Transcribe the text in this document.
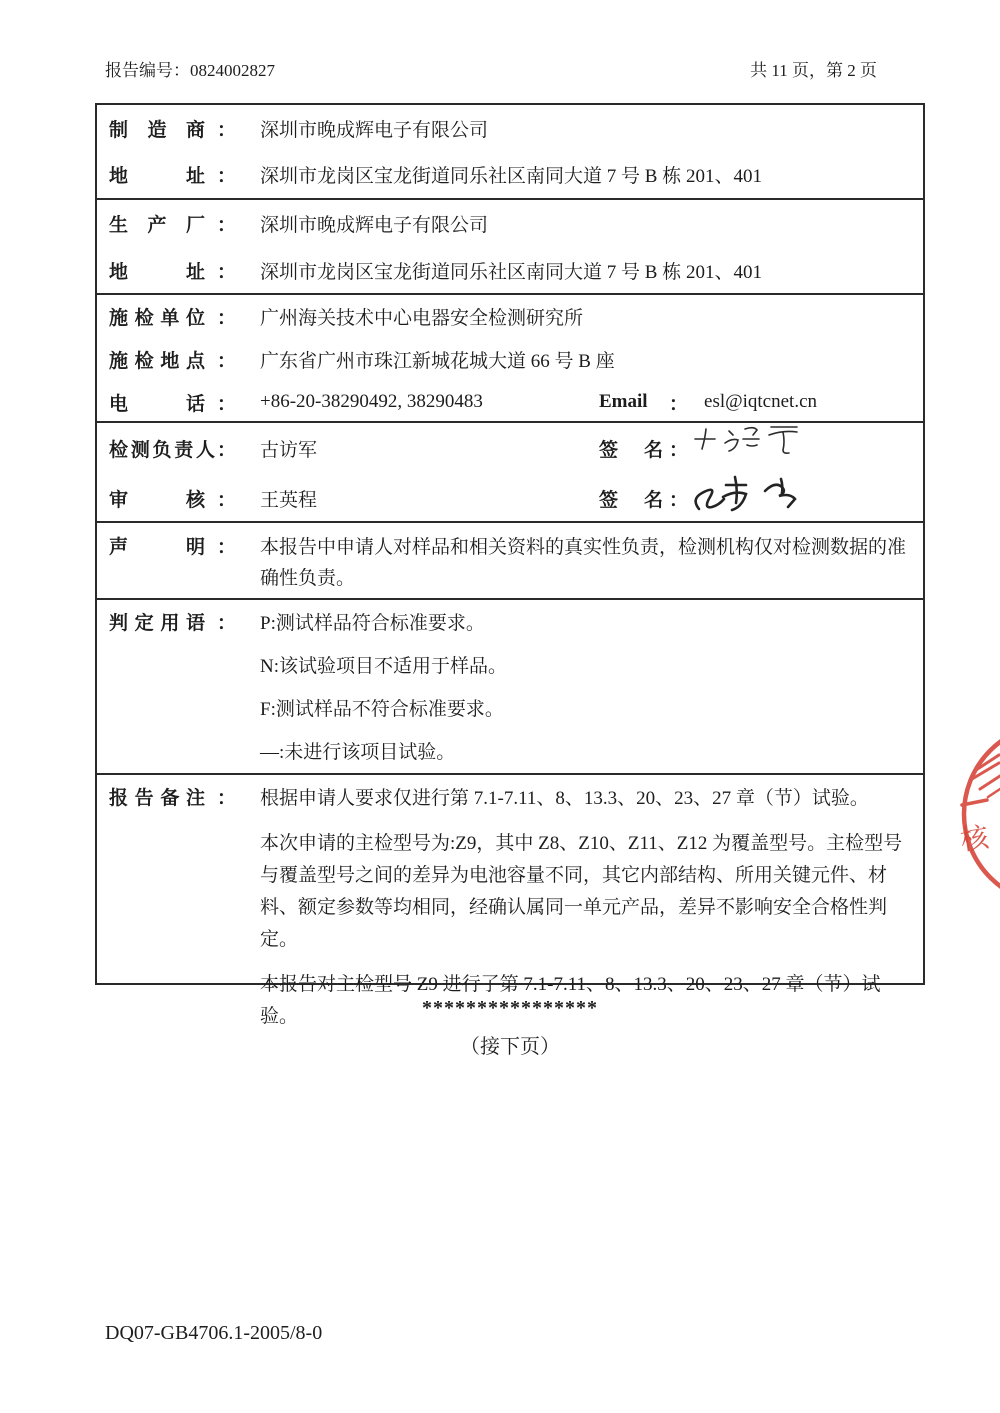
报告编号：0824002827	共 11 页，第 2 页
制造商 ： 深圳市晚成辉电子有限公司
地址 ： 深圳市龙岗区宝龙街道同乐社区南同大道 7 号 B 栋 201、401
生产厂 ： 深圳市晚成辉电子有限公司
地址 ： 深圳市龙岗区宝龙街道同乐社区南同大道 7 号 B 栋 201、401
施检单位 ： 广州海关技术中心电器安全检测研究所
施检地点 ： 广东省广州市珠江新城花城大道 66 号 B 座
电话 ： +86-20-38290492, 38290483	Email	： esl@iqtcnet.cn
检测负责人 ： 古访军	签名 ：
审核 ： 王英程	签名 ：
声明 ： 本报告中申请人对样品和相关资料的真实性负责，检测机构仅对检测数据的准确性负责。
判定用语 ： P:测试样品符合标准要求。
N:该试验项目不适用于样品。
F:测试样品不符合标准要求。
—:未进行该项目试验。
报告备注 ： 根据申请人要求仅进行第 7.1-7.11、8、13.3、20、23、27 章（节）试验。

本次申请的主检型号为:Z9，其中 Z8、Z10、Z11、Z12 为覆盖型号。主检型号与覆盖型号之间的差异为电池容量不同，其它内部结构、所用关键元件、材料、额定参数等均相同，经确认属同一单元产品，差异不影响安全合格性判定。

本报告对主检型号 Z9 进行了第 7.1-7.11、8、13.3、20、23、27 章（节）试验。	****************
（接下页）
核
DQ07-GB4706.1-2005/8-0
